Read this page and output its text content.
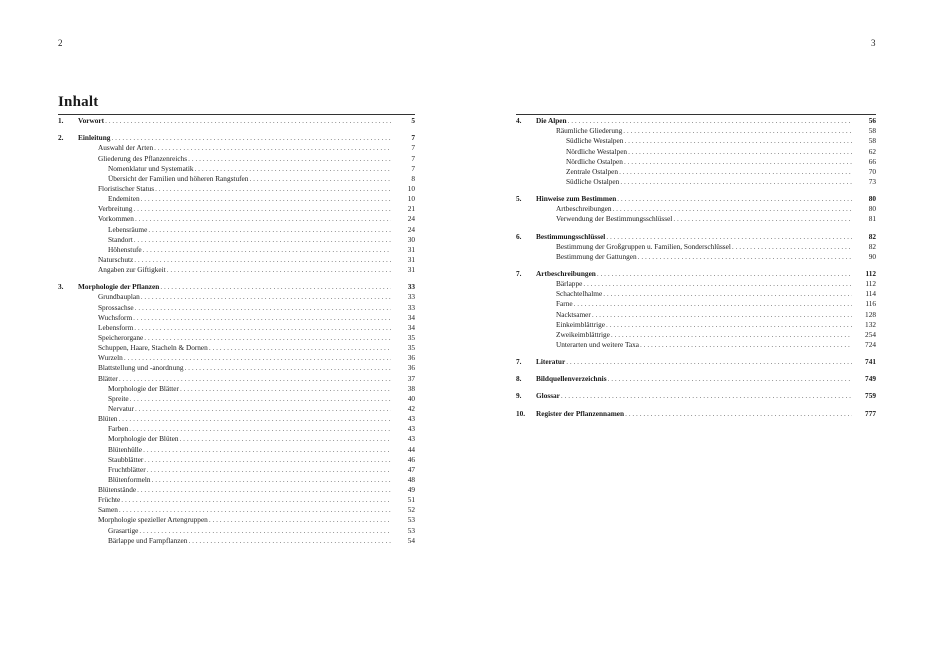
2	3
Inhalt
1.	Vorwort . . .	5
2.	Einleitung . . .	7
Auswahl der Arten . . .	7
Gliederung des Pflanzenreichs . . .	7
Nomenklatur und Systematik . . .	7
Übersicht der Familien und höheren Rangstufen . . .	8
Floristischer Status . . .	10
Endemiten . . .	10
Verbreitung . . .	21
Vorkommen . . .	24
Lebensräume . . .	24
Standort . . .	30
Höhenstufe . . .	31
Naturschutz . . .	31
Angaben zur Giftigkeit . . .	31
3.	Morphologie der Pflanzen . . .	33
Grundbauplan . . .	33
Sprossachse . . .	33
Wuchsform . . .	34
Lebensform . . .	34
Speicherorgane . . .	35
Schuppen, Haare, Stacheln & Dornen . . .	35
Wurzeln . . .	36
Blattstellung und -anordnung . . .	36
Blätter . . .	37
Morphologie der Blätter . . .	38
Spreite . . .	40
Nervatur . . .	42
Blüten . . .	43
Farben . . .	43
Morphologie der Blüten . . .	43
Blütenhülle . . .	44
Staubblätter . . .	46
Fruchtblätter . . .	47
Blütenformeln . . .	48
Blütenstände . . .	49
Früchte . . .	51
Samen . . .	52
Morphologie spezieller Artengruppen . . .	53
Grasartige . . .	53
Bärlappe und Farnpflanzen . . .	54
4.	Die Alpen . . .	56
Räumliche Gliederung . . .	58
Südliche Westalpen . . .	58
Nördliche Westalpen . . .	62
Nördliche Ostalpen . . .	66
Zentrale Ostalpen . . .	70
Südliche Ostalpen . . .	73
5.	Hinweise zum Bestimmen . . .	80
Artbeschreibungen . . .	80
Verwendung der Bestimmungsschlüssel . . .	81
6.	Bestimmungsschlüssel . . .	82
Bestimmung der Großgruppen u. Familien, Sonderschlüssel . . .	82
Bestimmung der Gattungen . . .	90
7.	Artbeschreibungen . . .	112
Bärlappe . . .	112
Schachtelhalme . . .	114
Farne . . .	116
Nacktsamer . . .	128
Einkeimblättrige . . .	132
Zweikeimblättrige . . .	254
Unterarten und weitere Taxa . . .	724
7.	Literatur . . .	741
8.	Bildquellenverzeichnis . . .	749
9.	Glossar . . .	759
10.	Register der Pflanzennamen . . .	777
